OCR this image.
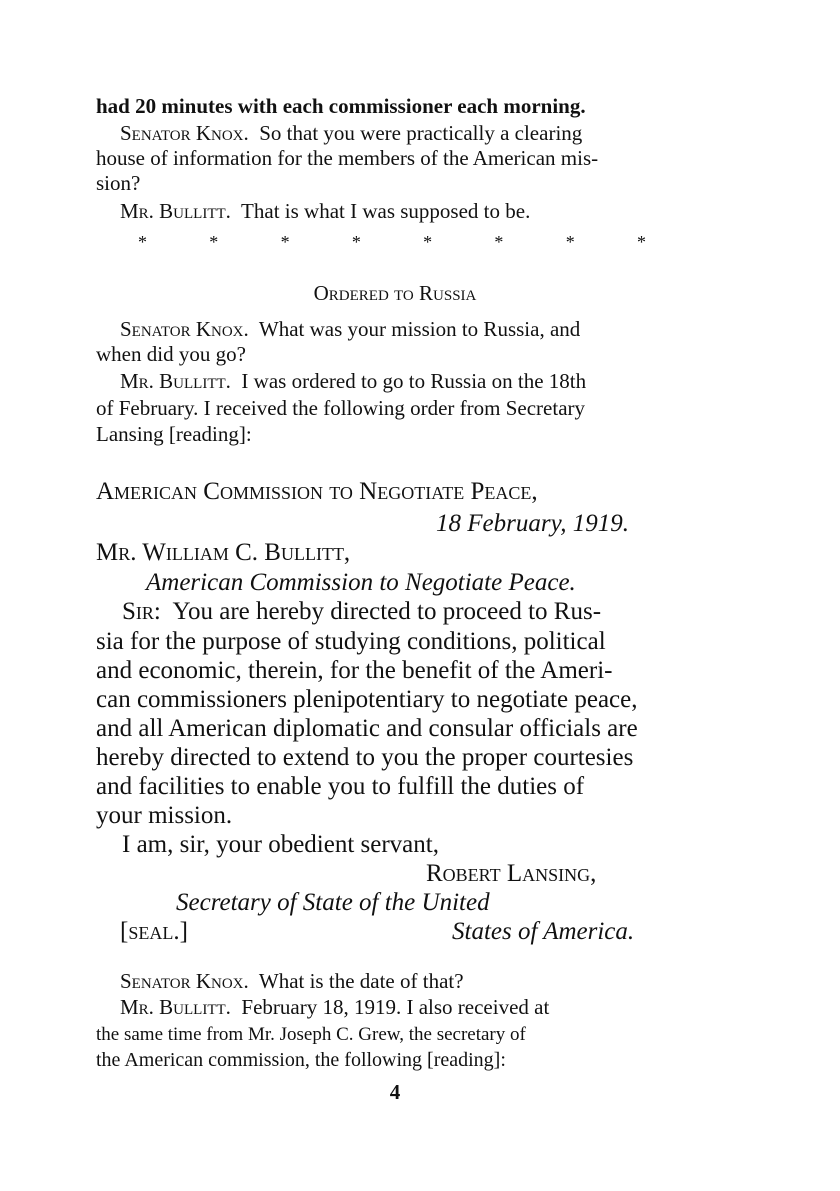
had 20 minutes with each commissioner each morning.
Senator Knox. So that you were practically a clearing
house of information for the members of the American mis-
sion?
Mr. Bullitt. That is what I was supposed to be.
*	*	*	*	*	*	*	*
Ordered to Russia
Senator Knox. What was your mission to Russia, and
when did you go?
Mr. Bullitt. I was ordered to go to Russia on the 18th
of February. I received the following order from Secretary
Lansing [reading]:
American Commission to Negotiate Peace,
18 February, 1919.
Mr. William C. Bullitt,
American Commission to Negotiate Peace.
Sir: You are hereby directed to proceed to Rus-
sia for the purpose of studying conditions, political
and economic, therein, for the benefit of the Ameri-
can commissioners plenipotentiary to negotiate peace,
and all American diplomatic and consular officials are
hereby directed to extend to you the proper courtesies
and facilities to enable you to fulfill the duties of
your mission.
I am, sir, your obedient servant,
Robert Lansing,
Secretary of State of the United
[seal.]	States of America.
Senator Knox. What is the date of that?
Mr. Bullitt. February 18, 1919. I also received at
the same time from Mr. Joseph C. Grew, the secretary of
the American commission, the following [reading]:
4
